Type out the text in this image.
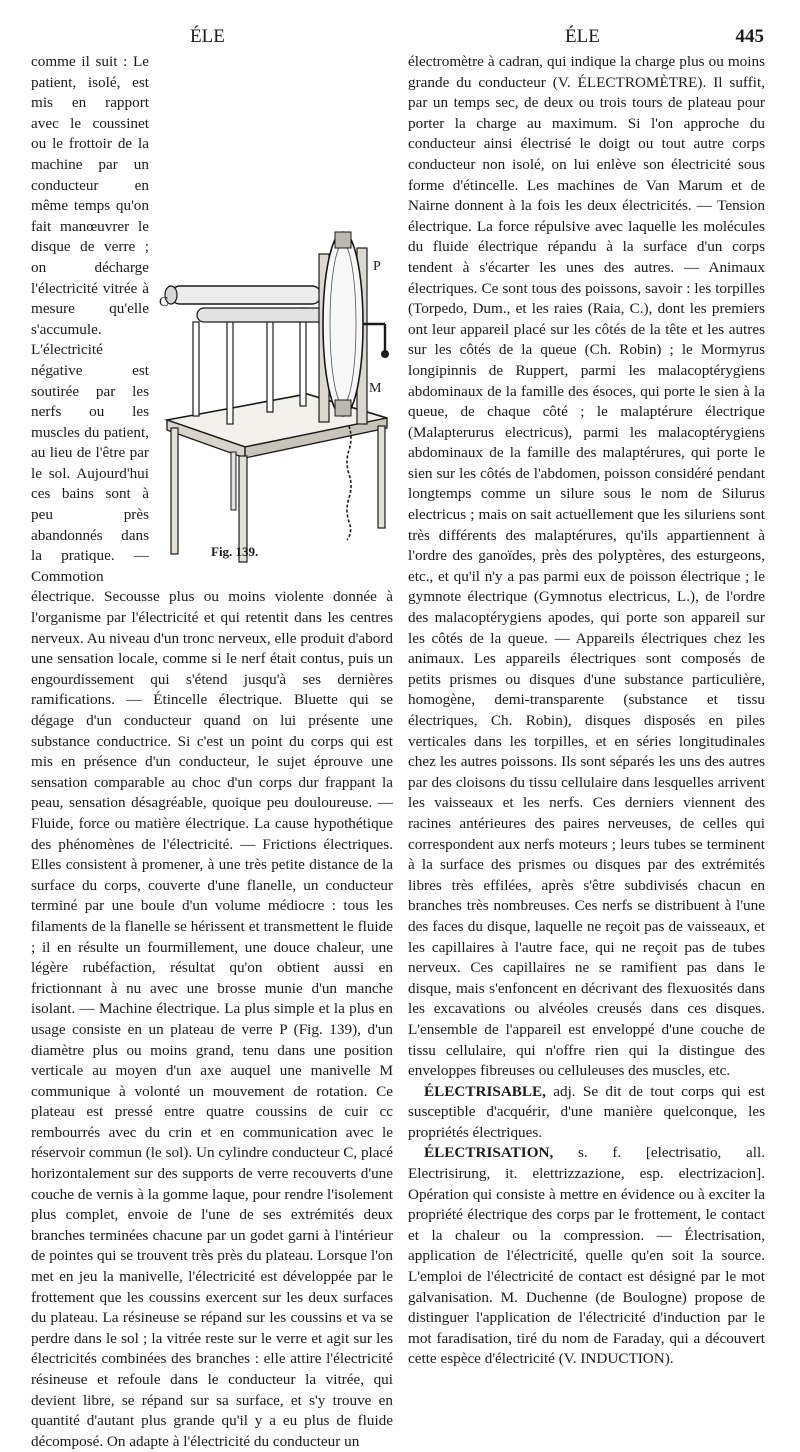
ÉLE	ÉLE	445
C
P
M
Fig. 139.

comme il suit : Le patient, isolé, est mis en rapport avec le coussinet ou le frottoir de la machine par un conducteur en même temps qu'on fait manœuvrer le disque de verre ; on décharge l'électricité vitrée à mesure qu'elle s'accumule. L'électricité négative est soutirée par les nerfs ou les muscles du patient, au lieu de l'être par le sol. Aujourd'hui ces bains sont à peu près abandonnés dans la pratique. — Commotion électrique. Secousse plus ou moins violente donnée à l'organisme par l'électricité et qui retentit dans les centres nerveux. Au niveau d'un tronc nerveux, elle produit d'abord une sensation locale, comme si le nerf était contus, puis un engourdissement qui s'étend jusqu'à ses dernières ramifications. — Étincelle électrique. Bluette qui se dégage d'un conducteur quand on lui présente une substance conductrice. Si c'est un point du corps qui est mis en présence d'un conducteur, le sujet éprouve une sensation comparable au choc d'un corps dur frappant la peau, sensation désagréable, quoique peu douloureuse. — Fluide, force ou matière électrique. La cause hypothétique des phénomènes de l'électricité. — Frictions électriques. Elles consistent à promener, à une très petite distance de la surface du corps, couverte d'une flanelle, un conducteur terminé par une boule d'un volume médiocre : tous les filaments de la flanelle se hérissent et transmettent le fluide ; il en résulte un fourmillement, une douce chaleur, une légère rubéfaction, résultat qu'on obtient aussi en frictionnant à nu avec une brosse munie d'un manche isolant. — Machine électrique. La plus simple et la plus en usage consiste en un plateau de verre P (Fig. 139), d'un diamètre plus ou moins grand, tenu dans une position verticale au moyen d'un axe auquel une manivelle M communique à volonté un mouvement de rotation. Ce plateau est pressé entre quatre coussins de cuir cc rembourrés avec du crin et en communication avec le réservoir commun (le sol). Un cylindre conducteur C, placé horizontalement sur des supports de verre recouverts d'une couche de vernis à la gomme laque, pour rendre l'isolement plus complet, envoie de l'une de ses extrémités deux branches terminées chacune par un godet garni à l'intérieur de pointes qui se trouvent très près du plateau. Lorsque l'on met en jeu la manivelle, l'électricité est développée par le frottement que les coussins exercent sur les deux surfaces du plateau. La résineuse se répand sur les coussins et va se perdre dans le sol ; la vitrée reste sur le verre et agit sur les électricités combinées des branches : elle attire l'électricité résineuse et refoule dans le conducteur la vitrée, qui devient libre, se répand sur sa surface, et s'y trouve en quantité d'autant plus grande qu'il y a eu plus de fluide décomposé. On adapte à l'électricité du conducteur un

électromètre à cadran, qui indique la charge plus ou moins grande du conducteur (V. ÉLECTROMÈTRE). Il suffit, par un temps sec, de deux ou trois tours de plateau pour porter la charge au maximum. Si l'on approche du conducteur ainsi électrisé le doigt ou tout autre corps conducteur non isolé, on lui enlève son électricité sous forme d'étincelle. Les machines de Van Marum et de Nairne donnent à la fois les deux électricités. — Tension électrique. La force répulsive avec laquelle les molécules du fluide électrique répandu à la surface d'un corps tendent à s'écarter les unes des autres. — Animaux électriques. Ce sont tous des poissons, savoir : les torpilles (Torpedo, Dum., et les raies (Raia, C.), dont les premiers ont leur appareil placé sur les côtés de la tête et les autres sur les côtés de la queue (Ch. Robin) ; le Mormyrus longipinnis de Ruppert, parmi les malacoptérygiens abdominaux de la famille des ésoces, qui porte le sien à la queue, de chaque côté ; le malaptérure électrique (Malapterurus electricus), parmi les malacoptérygiens abdominaux de la famille des malaptérures, qui porte le sien sur les côtés de l'abdomen, poisson considéré pendant longtemps comme un silure sous le nom de Silurus electricus ; mais on sait actuellement que les siluriens sont très différents des malaptérures, qu'ils appartiennent à l'ordre des ganoïdes, près des polyptères, des esturgeons, etc., et qu'il n'y a pas parmi eux de poisson électrique ; le gymnote électrique (Gymnotus electricus, L.), de l'ordre des malacoptérygiens apodes, qui porte son appareil sur les côtés de la queue. — Appareils électriques chez les animaux. Les appareils électriques sont composés de petits prismes ou disques d'une substance particulière, homogène, demi-transparente (substance et tissu électriques, Ch. Robin), disques disposés en piles verticales dans les torpilles, et en séries longitudinales chez les autres poissons. Ils sont séparés les uns des autres par des cloisons du tissu cellulaire dans lesquelles arrivent les vaisseaux et les nerfs. Ces derniers viennent des racines antérieures des paires nerveuses, de celles qui correspondent aux nerfs moteurs ; leurs tubes se terminent à la surface des prismes ou disques par des extrémités libres très effilées, après s'être subdivisés chacun en branches très nombreuses. Ces nerfs se distribuent à l'une des faces du disque, laquelle ne reçoit pas de vaisseaux, et les capillaires à l'autre face, qui ne reçoit pas de tubes nerveux. Ces capillaires ne se ramifient pas dans le disque, mais s'enfoncent en décrivant des flexuosités dans les excavations ou alvéoles creusés dans ces disques. L'ensemble de l'appareil est enveloppé d'une couche de tissu cellulaire, qui n'offre rien qui la distingue des enveloppes fibreuses ou celluleuses des muscles, etc.

ÉLECTRISABLE, adj. Se dit de tout corps qui est susceptible d'acquérir, d'une manière quelconque, les propriétés électriques.

ÉLECTRISATION, s. f. [electrisatio, all. Electrisirung, it. elettrizzazione, esp. electrizacion]. Opération qui consiste à mettre en évidence ou à exciter la propriété électrique des corps par le frottement, le contact et la chaleur ou la compression. — Électrisation, application de l'électricité, quelle qu'en soit la source. L'emploi de l'électricité de contact est désigné par le mot galvanisation. M. Duchenne (de Boulogne) propose de distinguer l'application de l'électricité d'induction par le mot faradisation, tiré du nom de Faraday, qui a découvert cette espèce d'électricité (V. INDUCTION).
